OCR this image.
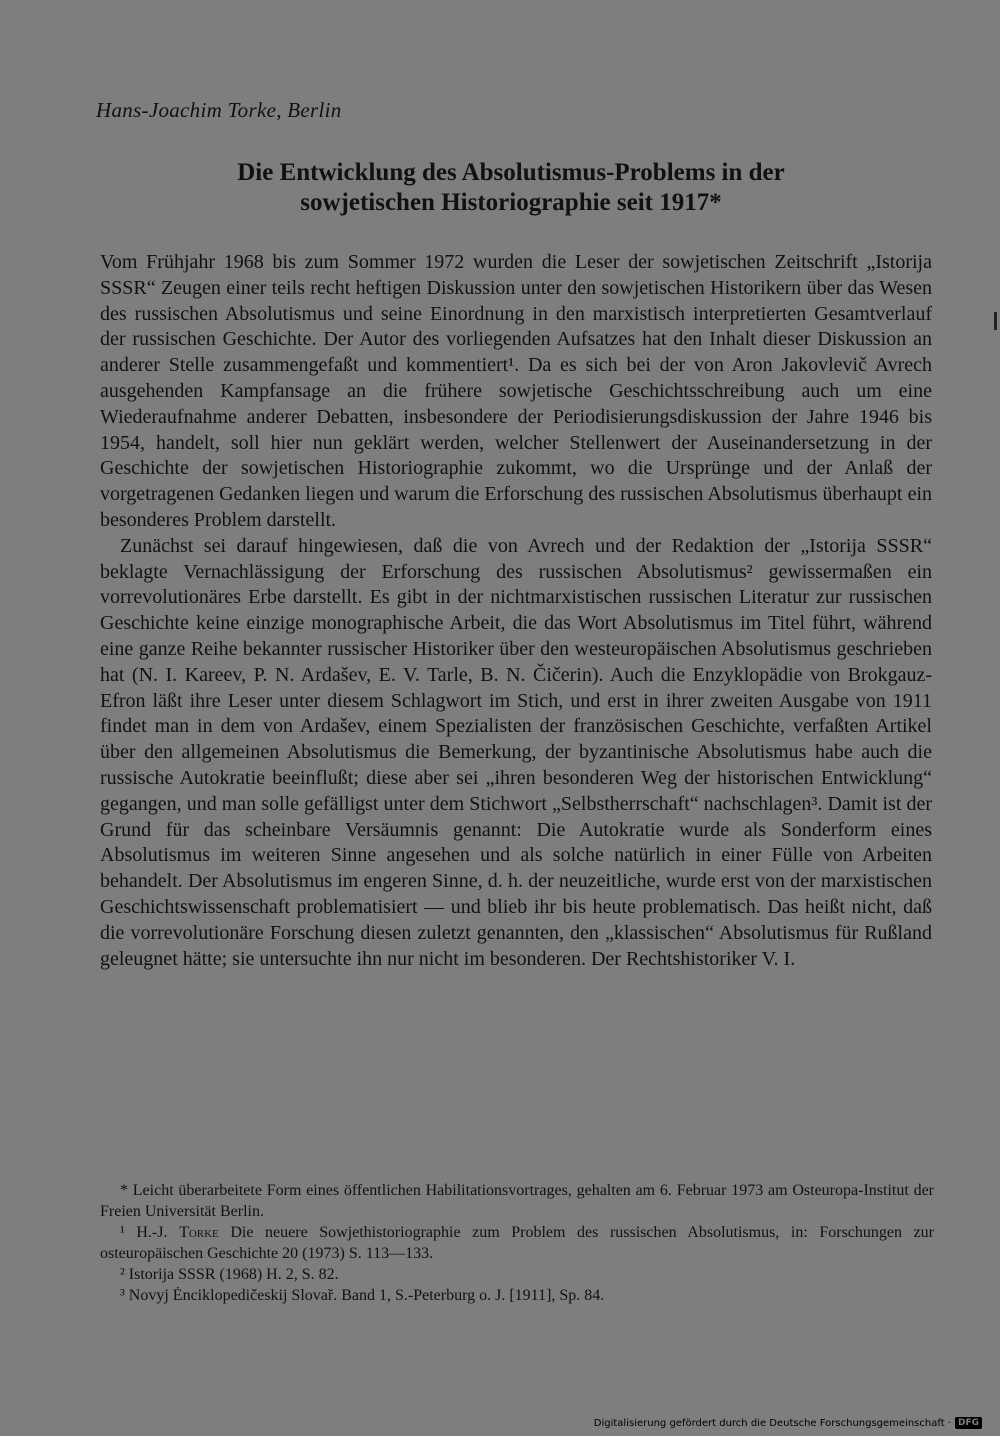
Hans-Joachim Torke, Berlin
Die Entwicklung des Absolutismus-Problems in der
sowjetischen Historiographie seit 1917*

Vom Frühjahr 1968 bis zum Sommer 1972 wurden die Leser der sowjetischen Zeitschrift „Istorija SSSR“ Zeugen einer teils recht heftigen Diskussion unter den sowjetischen Historikern über das Wesen des russischen Absolutismus und seine Einordnung in den marxistisch interpretierten Gesamtverlauf der russischen Geschichte. Der Autor des vorliegenden Aufsatzes hat den Inhalt dieser Diskussion an anderer Stelle zusammengefaßt und kommentiert¹. Da es sich bei der von Aron Jakovlevič Avrech ausgehenden Kampfansage an die frühere sowjetische Geschichtsschreibung auch um eine Wiederaufnahme anderer Debatten, insbesondere der Periodisierungsdiskussion der Jahre 1946 bis 1954, handelt, soll hier nun geklärt werden, welcher Stellenwert der Auseinandersetzung in der Geschichte der sowjetischen Historiographie zukommt, wo die Ursprünge und der Anlaß der vorgetragenen Gedanken liegen und warum die Erforschung des russischen Absolutismus überhaupt ein besonderes Problem darstellt.

Zunächst sei darauf hingewiesen, daß die von Avrech und der Redaktion der „Istorija SSSR“ beklagte Vernachlässigung der Erforschung des russischen Absolutismus² gewissermaßen ein vorrevolutionäres Erbe darstellt. Es gibt in der nichtmarxistischen russischen Literatur zur russischen Geschichte keine einzige monographische Arbeit, die das Wort Absolutismus im Titel führt, während eine ganze Reihe bekannter russischer Historiker über den westeuropäischen Absolutismus geschrieben hat (N. I. Kareev, P. N. Ardašev, E. V. Tarle, B. N. Čičerin). Auch die Enzyklopädie von Brokgauz-Efron läßt ihre Leser unter diesem Schlagwort im Stich, und erst in ihrer zweiten Ausgabe von 1911 findet man in dem von Ardašev, einem Spezialisten der französischen Geschichte, verfaßten Artikel über den allgemeinen Absolutismus die Bemerkung, der byzantinische Absolutismus habe auch die russische Autokratie beeinflußt; diese aber sei „ihren besonderen Weg der historischen Entwicklung“ gegangen, und man solle gefälligst unter dem Stichwort „Selbstherrschaft“ nachschlagen³. Damit ist der Grund für das scheinbare Versäumnis genannt: Die Autokratie wurde als Sonderform eines Absolutismus im weiteren Sinne angesehen und als solche natürlich in einer Fülle von Arbeiten behandelt. Der Absolutismus im engeren Sinne, d. h. der neuzeitliche, wurde erst von der marxistischen Geschichtswissenschaft problematisiert — und blieb ihr bis heute problematisch. Das heißt nicht, daß die vorrevolutionäre Forschung diesen zuletzt genannten, den „klassischen“ Absolutismus für Rußland geleugnet hätte; sie untersuchte ihn nur nicht im besonderen. Der Rechtshistoriker V. I.

* Leicht überarbeitete Form eines öffentlichen Habilitationsvortrages, gehalten am 6. Februar 1973 am Osteuropa-Institut der Freien Universität Berlin.

¹ H.-J. Torke Die neuere Sowjethistoriographie zum Problem des russischen Absolutismus, in: Forschungen zur osteuropäischen Geschichte 20 (1973) S. 113—133.

² Istorija SSSR (1968) H. 2, S. 82.

³ Novyj Ėnciklopedičeskij Slovař. Band 1, S.-Peterburg o. J. [1911], Sp. 84.

Digitalisierung gefördert durch die Deutsche Forschungsgemeinschaft · DFG
